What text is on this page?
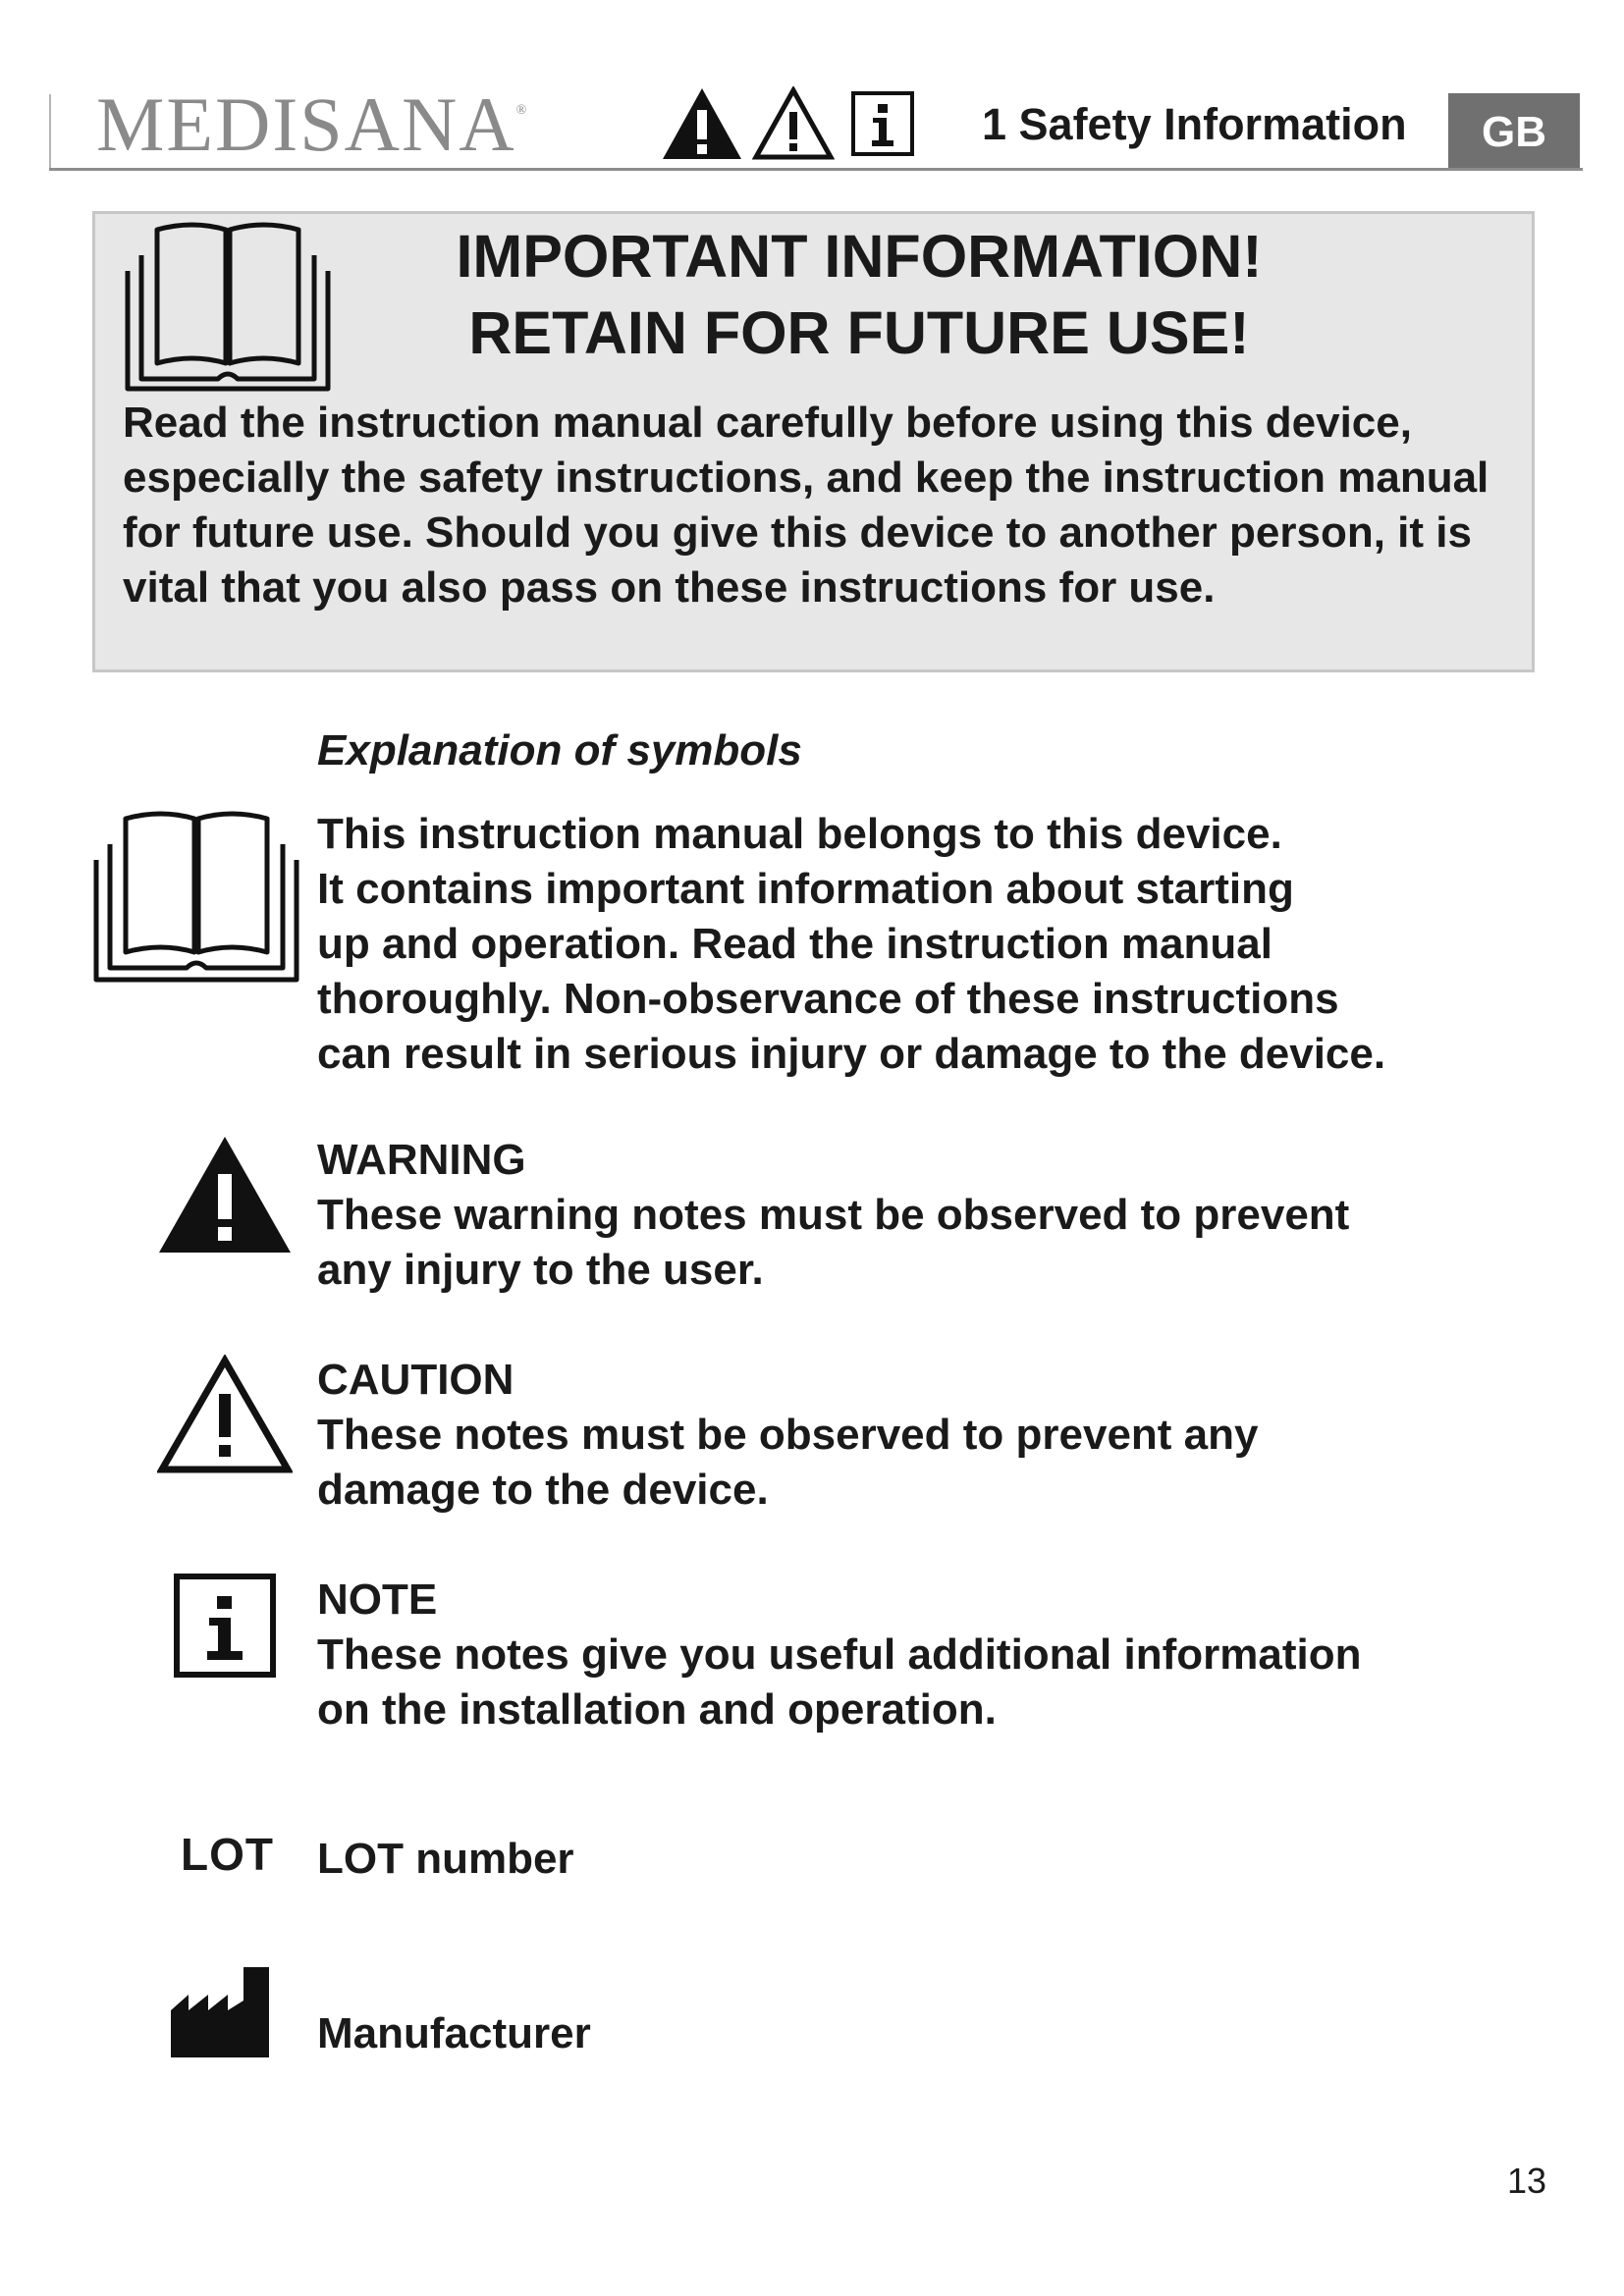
MEDISANA®	1 Safety Information	GB
IMPORTANT INFORMATION!
RETAIN FOR FUTURE USE!
Read the instruction manual carefully before using this device, especially the safety instructions, and keep the instruction manual for future use. Should you give this device to another person, it is vital that you also pass on these instructions for use.
Explanation of symbols
This instruction manual belongs to this device.
It contains important information about starting
up and operation. Read the instruction manual
thoroughly. Non-observance of these instructions
can result in serious injury or damage to the device.
WARNING
These warning notes must be observed to prevent
any injury to the user.
CAUTION
These notes must be observed to prevent any
damage to the device.
NOTE
These notes give you useful additional information
on the installation and operation.
LOT LOT number
Manufacturer
13
